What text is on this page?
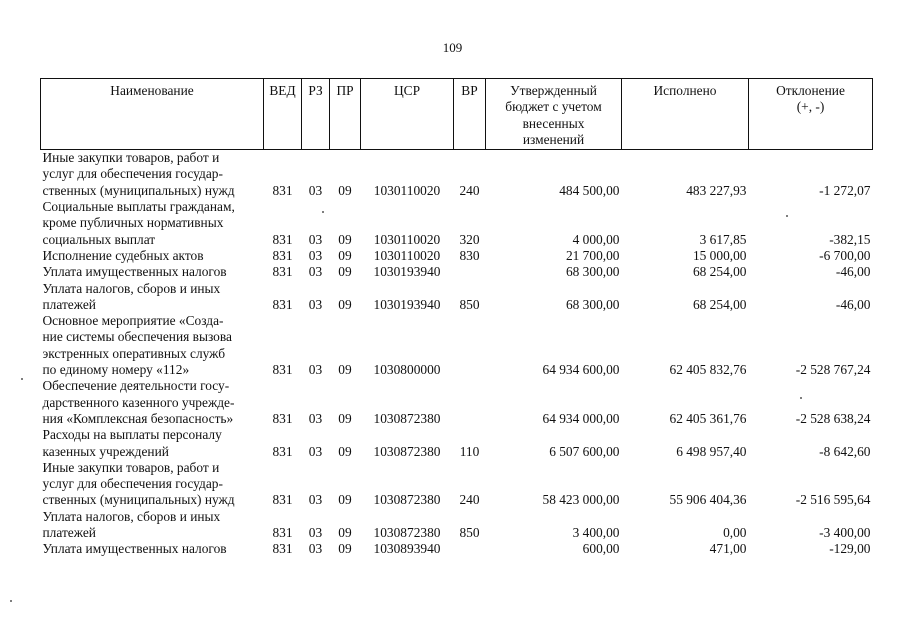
109
Наименование	ВЕД	РЗ	ПР	ЦСР	ВР	Утвержденный
бюджет с учетом
внесенных
изменений	Исполнено	Отклонение
(+, -)
Иные закупки товаров, работ и
услуг для обеспечения государ-
ственных (муниципальных) нужд	831	03	09	1030110020	240	484 500,00	483 227,93	-1 272,07
Социальные выплаты гражданам,
кроме публичных нормативных
социальных выплат	831	03	09	1030110020	320	4 000,00	3 617,85	-382,15
Исполнение судебных актов	831	03	09	1030110020	830	21 700,00	15 000,00	-6 700,00
Уплата имущественных налогов	831	03	09	1030193940		68 300,00	68 254,00	-46,00
Уплата налогов, сборов и иных
платежей	831	03	09	1030193940	850	68 300,00	68 254,00	-46,00
Основное мероприятие «Созда-
ние системы обеспечения вызова
экстренных оперативных служб
по единому номеру «112»	831	03	09	1030800000		64 934 600,00	62 405 832,76	-2 528 767,24
Обеспечение деятельности госу-
дарственного казенного учрежде-
ния «Комплексная безопасность»	831	03	09	1030872380		64 934 000,00	62 405 361,76	-2 528 638,24
Расходы на выплаты персоналу
казенных учреждений	831	03	09	1030872380	110	6 507 600,00	6 498 957,40	-8 642,60
Иные закупки товаров, работ и
услуг для обеспечения государ-
ственных (муниципальных) нужд	831	03	09	1030872380	240	58 423 000,00	55 906 404,36	-2 516 595,64
Уплата налогов, сборов и иных
платежей	831	03	09	1030872380	850	3 400,00	0,00	-3 400,00
Уплата имущественных налогов	831	03	09	1030893940		600,00	471,00	-129,00
